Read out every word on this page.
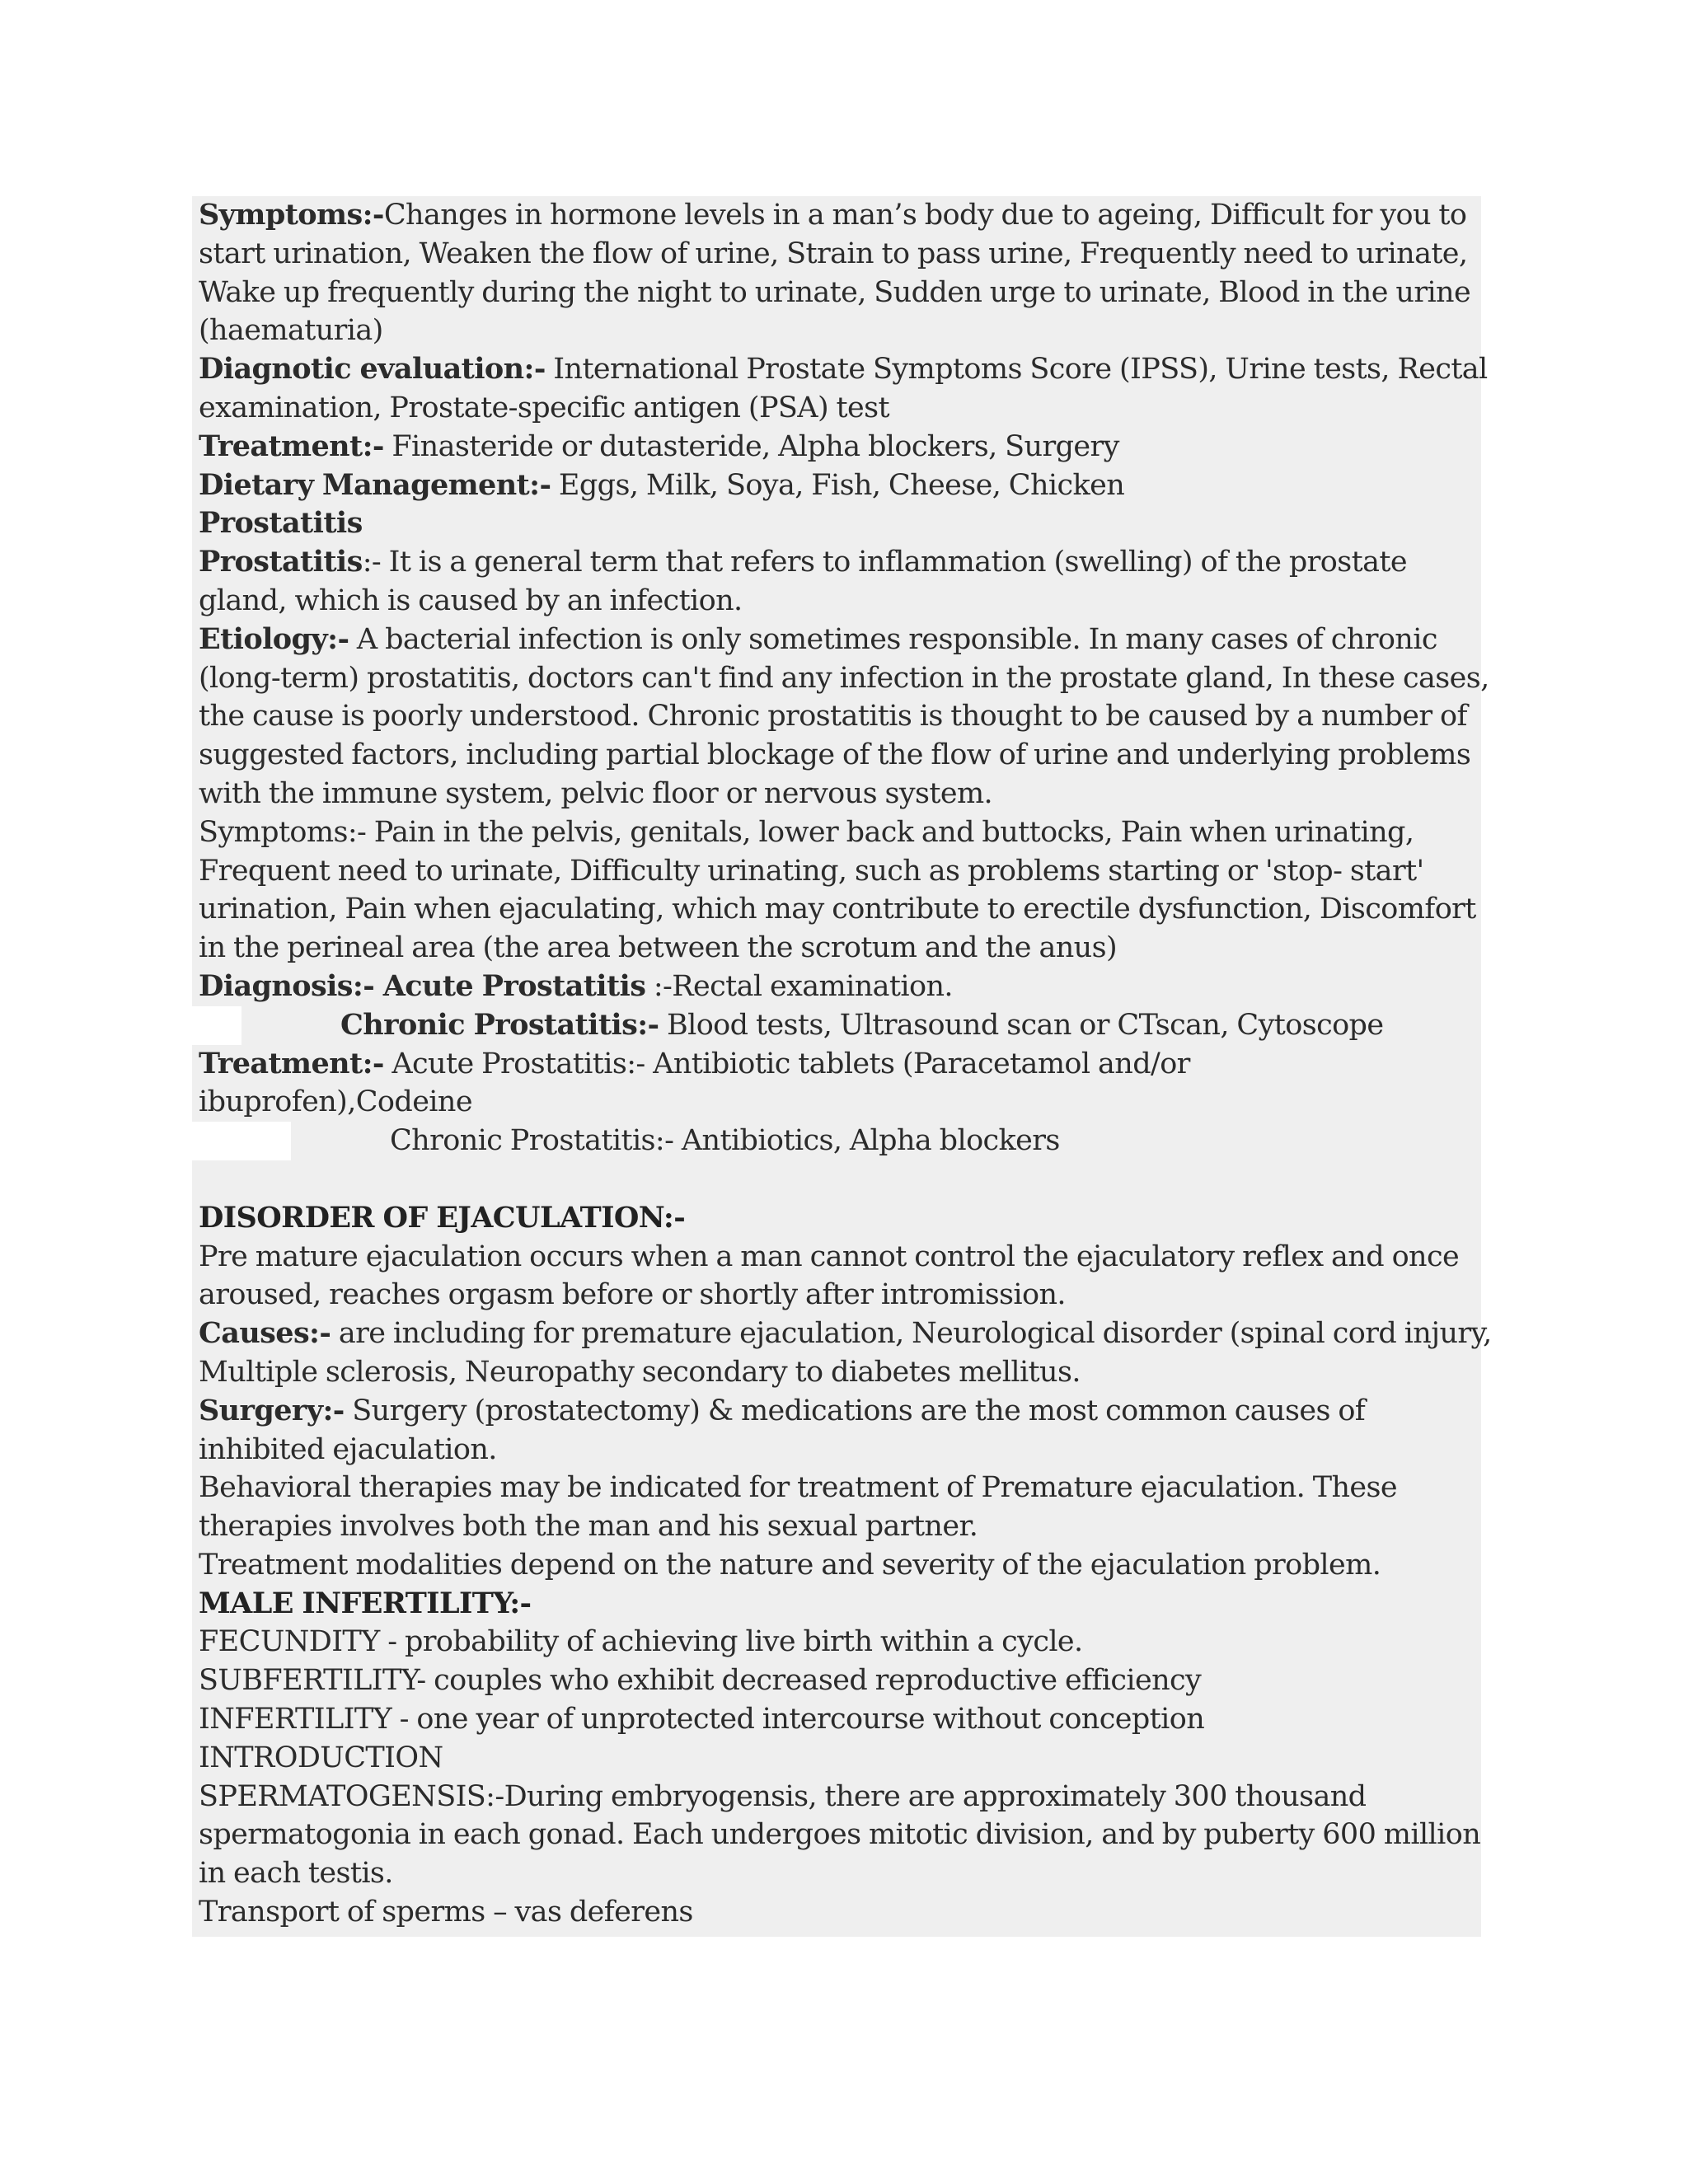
Symptoms:-Changes in hormone levels in a man’s body due to ageing, Difficult for you to
start urination, Weaken the flow of urine, Strain to pass urine, Frequently need to urinate,
Wake up frequently during the night to urinate, Sudden urge to urinate, Blood in the urine
(haematuria)
Diagnotic evaluation:- International Prostate Symptoms Score (IPSS), Urine tests, Rectal
examination, Prostate-specific antigen (PSA) test
Treatment:- Finasteride or dutasteride, Alpha blockers, Surgery
Dietary Management:- Eggs, Milk, Soya, Fish, Cheese, Chicken
Prostatitis
Prostatitis:- It is a general term that refers to inflammation (swelling) of the prostate
gland, which is caused by an infection.
Etiology:- A bacterial infection is only sometimes responsible. In many cases of chronic
(long-term) prostatitis, doctors can't find any infection in the prostate gland, In these cases,
the cause is poorly understood. Chronic prostatitis is thought to be caused by a number of
suggested factors, including partial blockage of the flow of urine and underlying problems
with the immune system, pelvic floor or nervous system.
Symptoms:- Pain in the pelvis, genitals, lower back and buttocks, Pain when urinating,
Frequent need to urinate, Difficulty urinating, such as problems starting or 'stop- start'
urination, Pain when ejaculating, which may contribute to erectile dysfunction, Discomfort
in the perineal area (the area between the scrotum and the anus)
Diagnosis:- Acute Prostatitis :-Rectal examination.
Chronic Prostatitis:- Blood tests, Ultrasound scan or CTscan, Cytoscope
Treatment:- Acute Prostatitis:- Antibiotic tablets (Paracetamol and/or
ibuprofen),Codeine
Chronic Prostatitis:- Antibiotics, Alpha blockers
DISORDER OF EJACULATION:-
Pre mature ejaculation occurs when a man cannot control the ejaculatory reflex and once
aroused, reaches orgasm before or shortly after intromission.
Causes:- are including for premature ejaculation, Neurological disorder (spinal cord injury,
Multiple sclerosis, Neuropathy secondary to diabetes mellitus.
Surgery:- Surgery (prostatectomy) & medications are the most common causes of
inhibited ejaculation.
Behavioral therapies may be indicated for treatment of Premature ejaculation. These
therapies involves both the man and his sexual partner.
Treatment modalities depend on the nature and severity of the ejaculation problem.
MALE INFERTILITY:-
FECUNDITY - probability of achieving live birth within a cycle.
SUBFERTILITY- couples who exhibit decreased reproductive efficiency
INFERTILITY - one year of unprotected intercourse without conception
INTRODUCTION
SPERMATOGENSIS:-During embryogensis, there are approximately 300 thousand
spermatogonia in each gonad. Each undergoes mitotic division, and by puberty 600 million
in each testis.
Transport of sperms – vas deferens
